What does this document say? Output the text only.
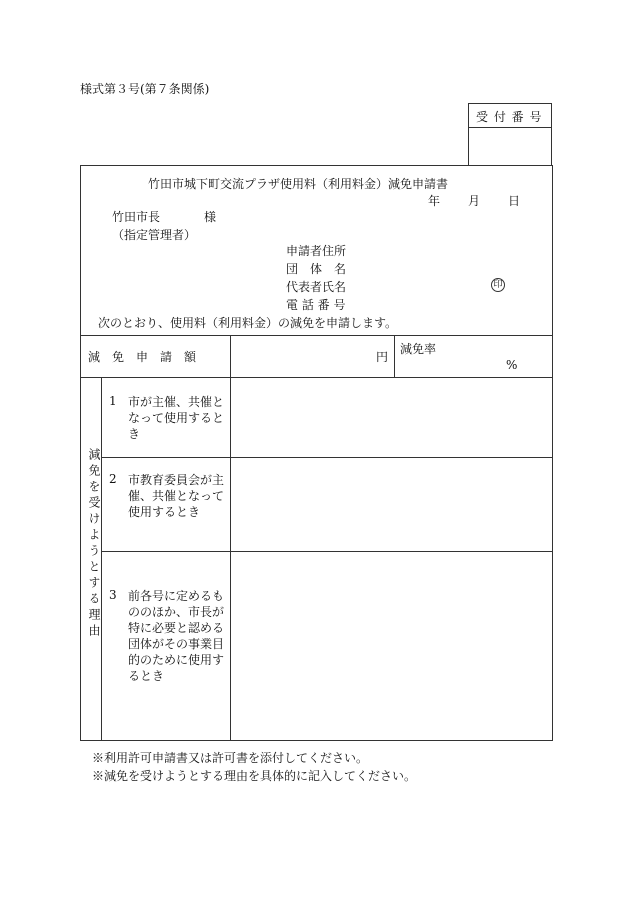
様式第３号(第７条関係)
受 付 番 号
竹田市城下町交流プラザ使用料（利用料金）減免申請書
年 月 日
竹田市長	様
（指定管理者）
申請者住所
団　体　名
代表者氏名	印
電 話 番 号
次のとおり、使用料（利用料金）の減免を申請します。
減　免　申　請　額	円
減免率
%
減免を受けようとする理由
1 市が主催、共催となって使用するとき
2 市教育委員会が主催、共催となって使用するとき
3 前各号に定めるもののほか、市長が特に必要と認める団体がその事業目的のために使用するとき
※利用許可申請書又は許可書を添付してください。
※減免を受けようとする理由を具体的に記入してください。
